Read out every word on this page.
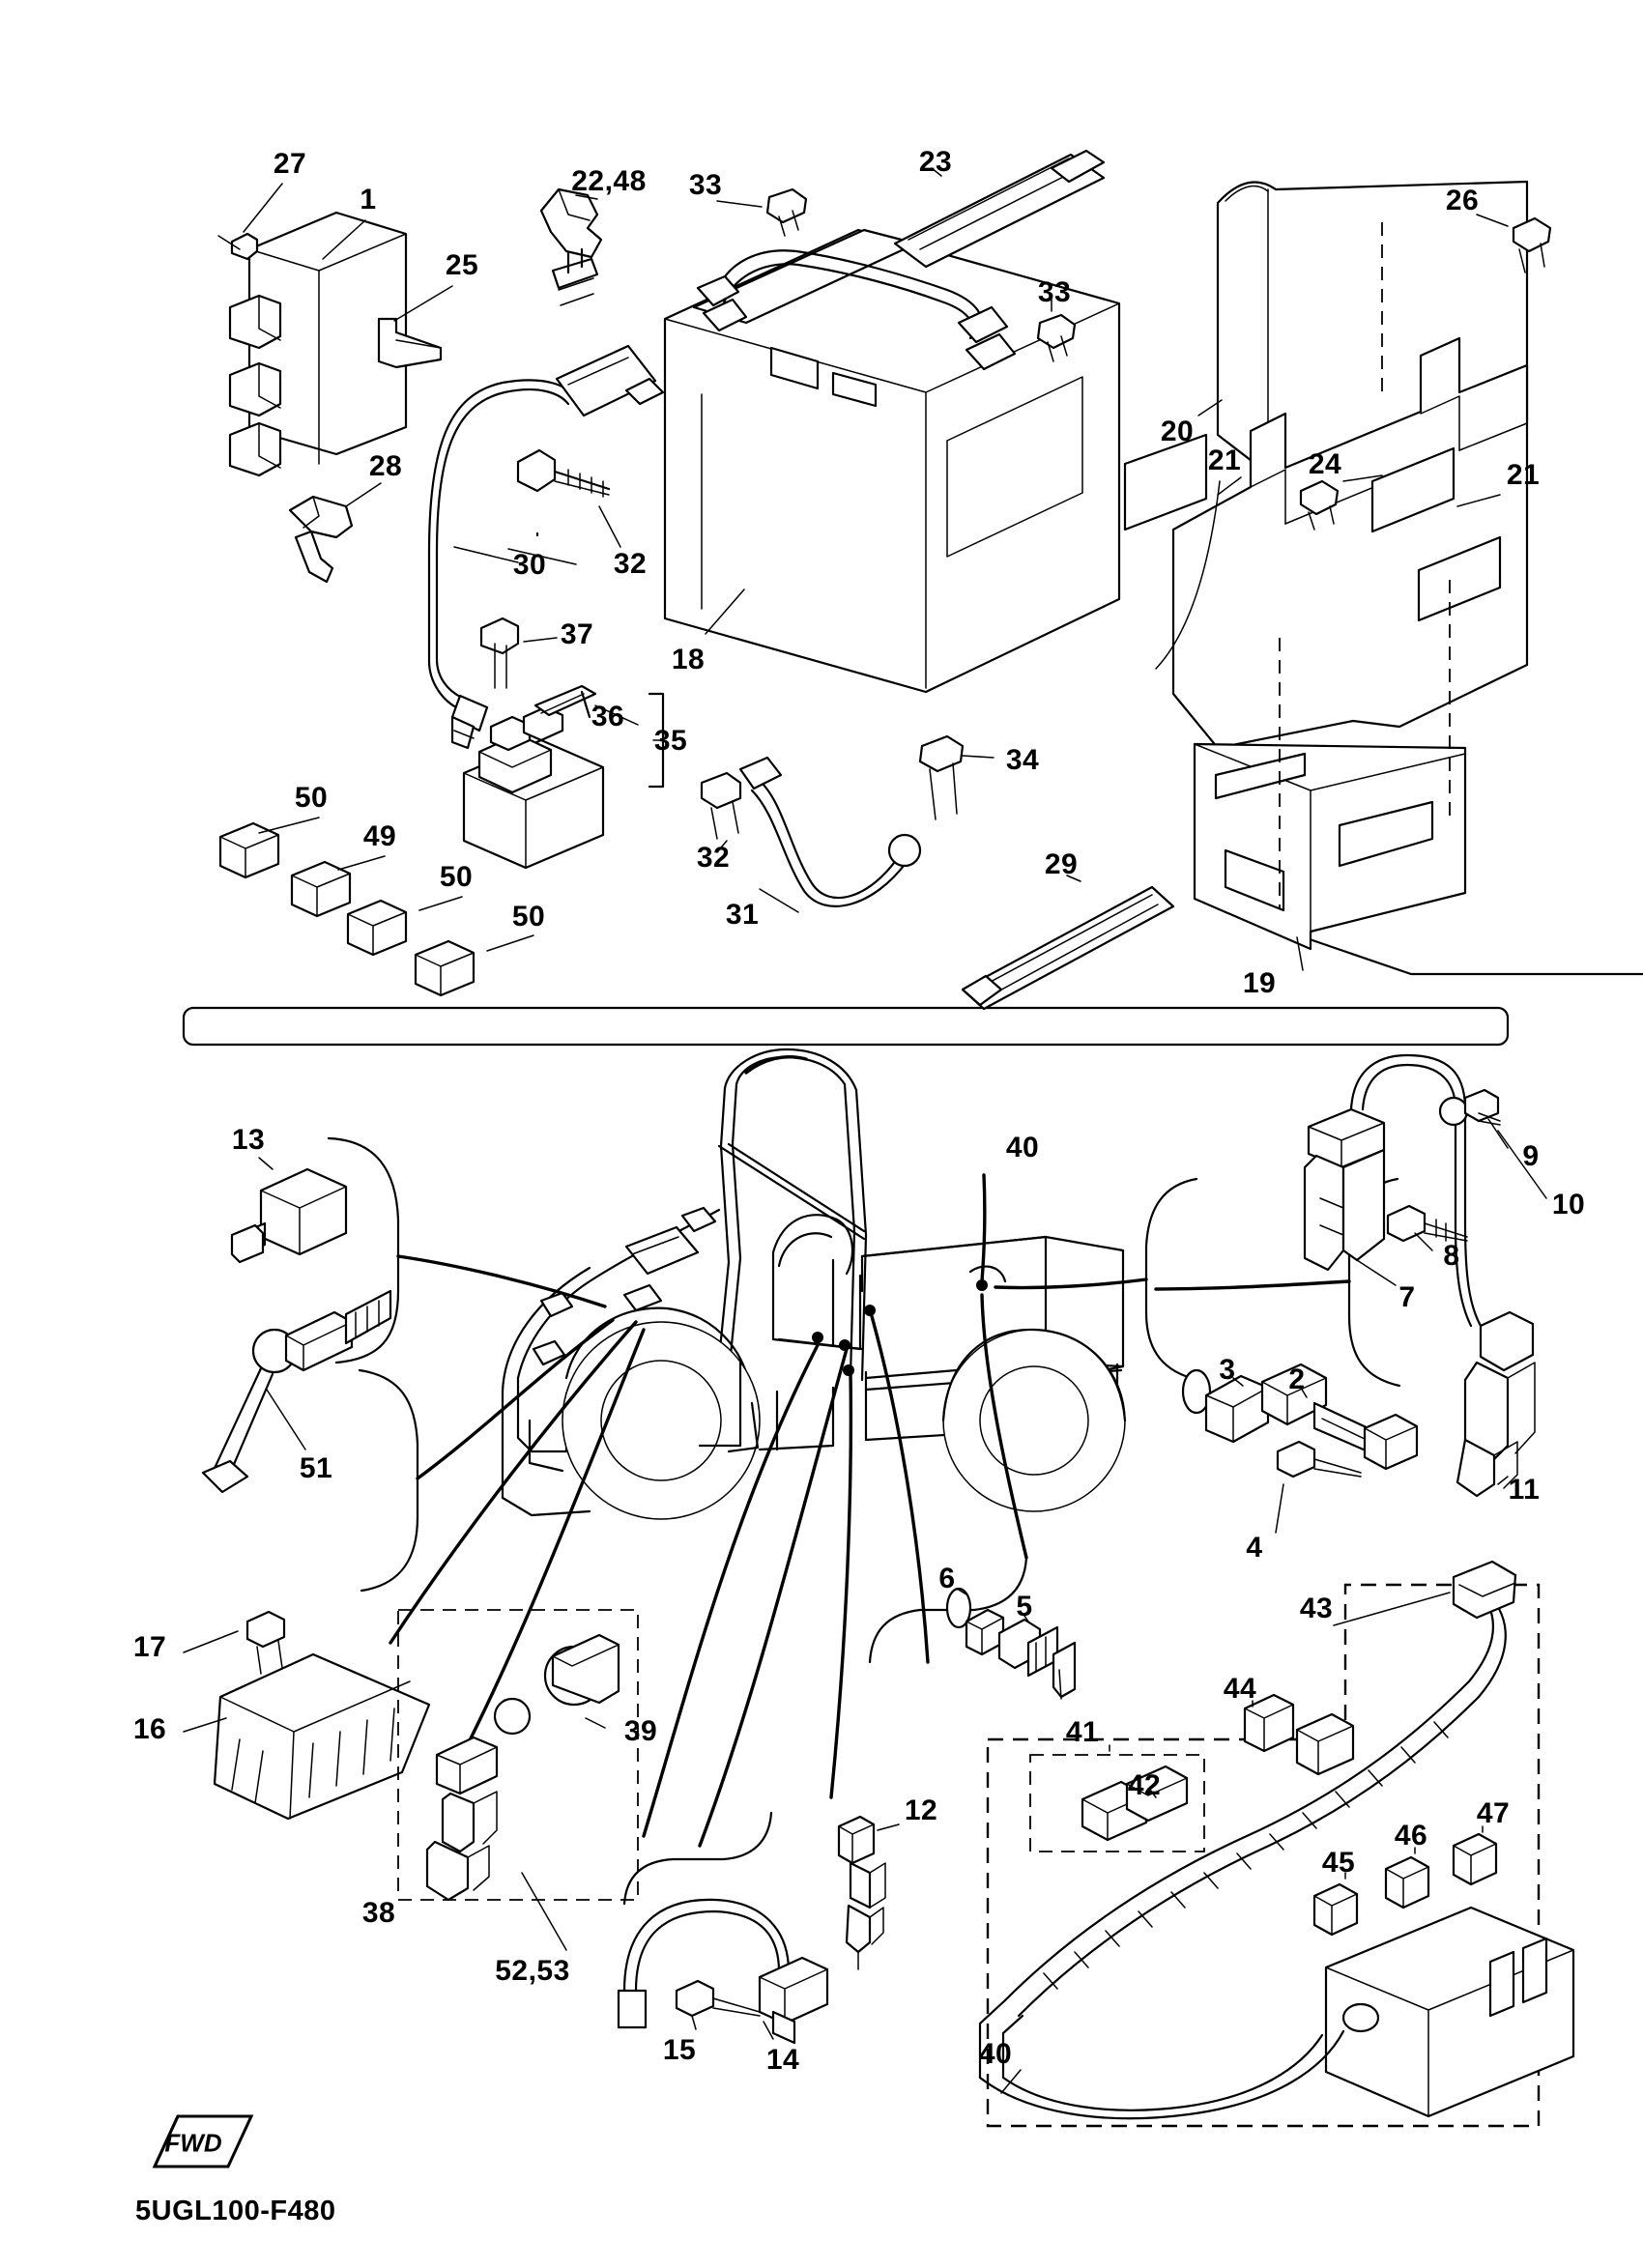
27
1
25
22,48 33
23
26
33
20
21 24	21
28
30 32
18
37
36
35
32
34
31
50
49
50
50
29
19
13	40	9
10
8
7
51
3 2
11
4
6
5	43
17
44
16	39	41
42
12	47
46
45
38
52,53
15 14	40
FWD
5UGL100-F480
